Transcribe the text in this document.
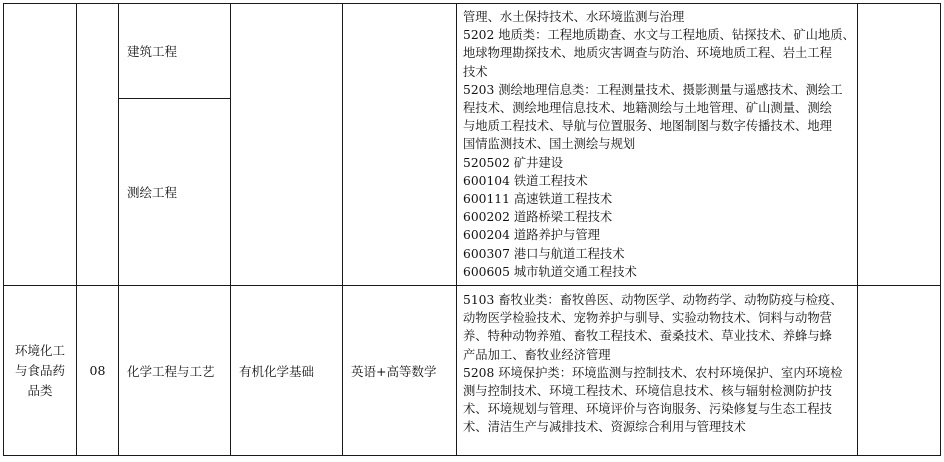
建筑工程
测绘工程
管理、水土保持技术、水环境监测与治理
5202 地质类：工程地质勘查、水文与工程地质、钻探技术、矿山地质、
地球物理勘探技术、地质灾害调查与防治、环境地质工程、岩土工程
技术
5203 测绘地理信息类：工程测量技术、摄影测量与遥感技术、测绘工
程技术、测绘地理信息技术、地籍测绘与土地管理、矿山测量、测绘
与地质工程技术、导航与位置服务、地图制图与数字传播技术、地理
国情监测技术、国土测绘与规划
520502 矿井建设
600104 铁道工程技术
600111 高速铁道工程技术
600202 道路桥梁工程技术
600204 道路养护与管理
600307 港口与航道工程技术
600605 城市轨道交通工程技术
环境化工
与食品药
品类
08 化学工程与工艺 有机化学基础	英语+高等数学
5103 畜牧业类：畜牧兽医、动物医学、动物药学、动物防疫与检疫、
动物医学检验技术、宠物养护与驯导、实验动物技术、饲料与动物营
养、特种动物养殖、畜牧工程技术、蚕桑技术、草业技术、养蜂与蜂
产品加工、畜牧业经济管理
5208 环境保护类：环境监测与控制技术、农村环境保护、室内环境检
测与控制技术、环境工程技术、环境信息技术、核与辐射检测防护技
术、环境规划与管理、环境评价与咨询服务、污染修复与生态工程技
术、清洁生产与减排技术、资源综合利用与管理技术
